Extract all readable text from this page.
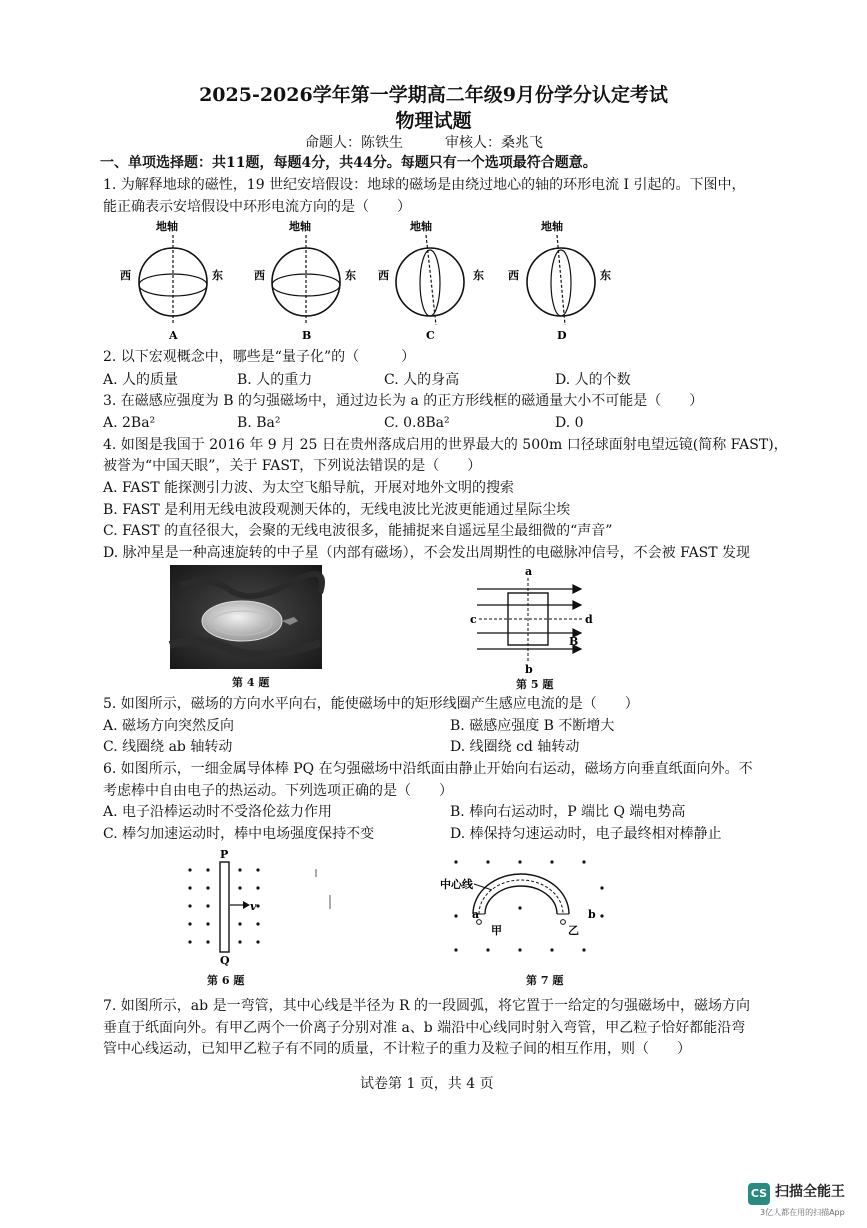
2025-2026学年第一学期高二年级9月份学分认定考试
物理试题
命题人：陈铁生　　　审核人：桑兆飞
一、单项选择题：共11题，每题4分，共44分。每题只有一个选项最符合题意。
1. 为解释地球的磁性，19 世纪安培假设：地球的磁场是由绕过地心的轴的环形电流 I 引起的。下图中，
能正确表示安培假设中环形电流方向的是（　　）
地轴
西	东
A
地轴
西	东
B
地轴
西	东
C
地轴
西	东
D
2. 以下宏观概念中，哪些是“量子化”的（　　　）
A. 人的质量	B. 人的重力	C. 人的身高	D. 人的个数
3. 在磁感应强度为 B 的匀强磁场中，通过边长为 a 的正方形线框的磁通量大小不可能是（　　）
A. 2Ba²	B. Ba²	C. 0.8Ba²	D. 0
4. 如图是我国于 2016 年 9 月 25 日在贵州落成启用的世界最大的 500m 口径球面射电望远镜(简称 FAST)，
被誉为“中国天眼”，关于 FAST，下列说法错误的是（　　）
A. FAST 能探测引力波、为太空飞船导航，开展对地外文明的搜索
B. FAST 是利用无线电波段观测天体的，无线电波比光波更能通过星际尘埃
C. FAST 的直径很大，会聚的无线电波很多，能捕捉来自遥远星尘最细微的“声音”
D. 脉冲星是一种高速旋转的中子星（内部有磁场），不会发出周期性的电磁脉冲信号，不会被 FAST 发现
第 4 题
a
b
c	d
B
第 5 题
5. 如图所示，磁场的方向水平向右，能使磁场中的矩形线圈产生感应电流的是（　　）
A. 磁场方向突然反向	B. 磁感应强度 B 不断增大
C. 线圈绕 ab 轴转动	D. 线圈绕 cd 轴转动
6. 如图所示，一细金属导体棒 PQ 在匀强磁场中沿纸面由静止开始向右运动，磁场方向垂直纸面向外。不
考虑棒中自由电子的热运动。下列选项正确的是（　　）
A. 电子沿棒运动时不受洛伦兹力作用	B. 棒向右运动时，P 端比 Q 端电势高
C. 棒匀加速运动时，棒中电场强度保持不变	D. 棒保持匀速运动时，电子最终相对棒静止
P
Q
v
第 6 题
中心线
a
甲
b
乙
第 7 题
7. 如图所示，ab 是一弯管，其中心线是半径为 R 的一段圆弧，将它置于一给定的匀强磁场中，磁场方向
垂直于纸面向外。有甲乙两个一价离子分别对准 a、b 端沿中心线同时射入弯管，甲乙粒子恰好都能沿弯
管中心线运动，已知甲乙粒子有不同的质量，不计粒子的重力及粒子间的相互作用，则（　　）
试卷第 1 页，共 4 页
CS 扫描全能王
3亿人都在用的扫描App
